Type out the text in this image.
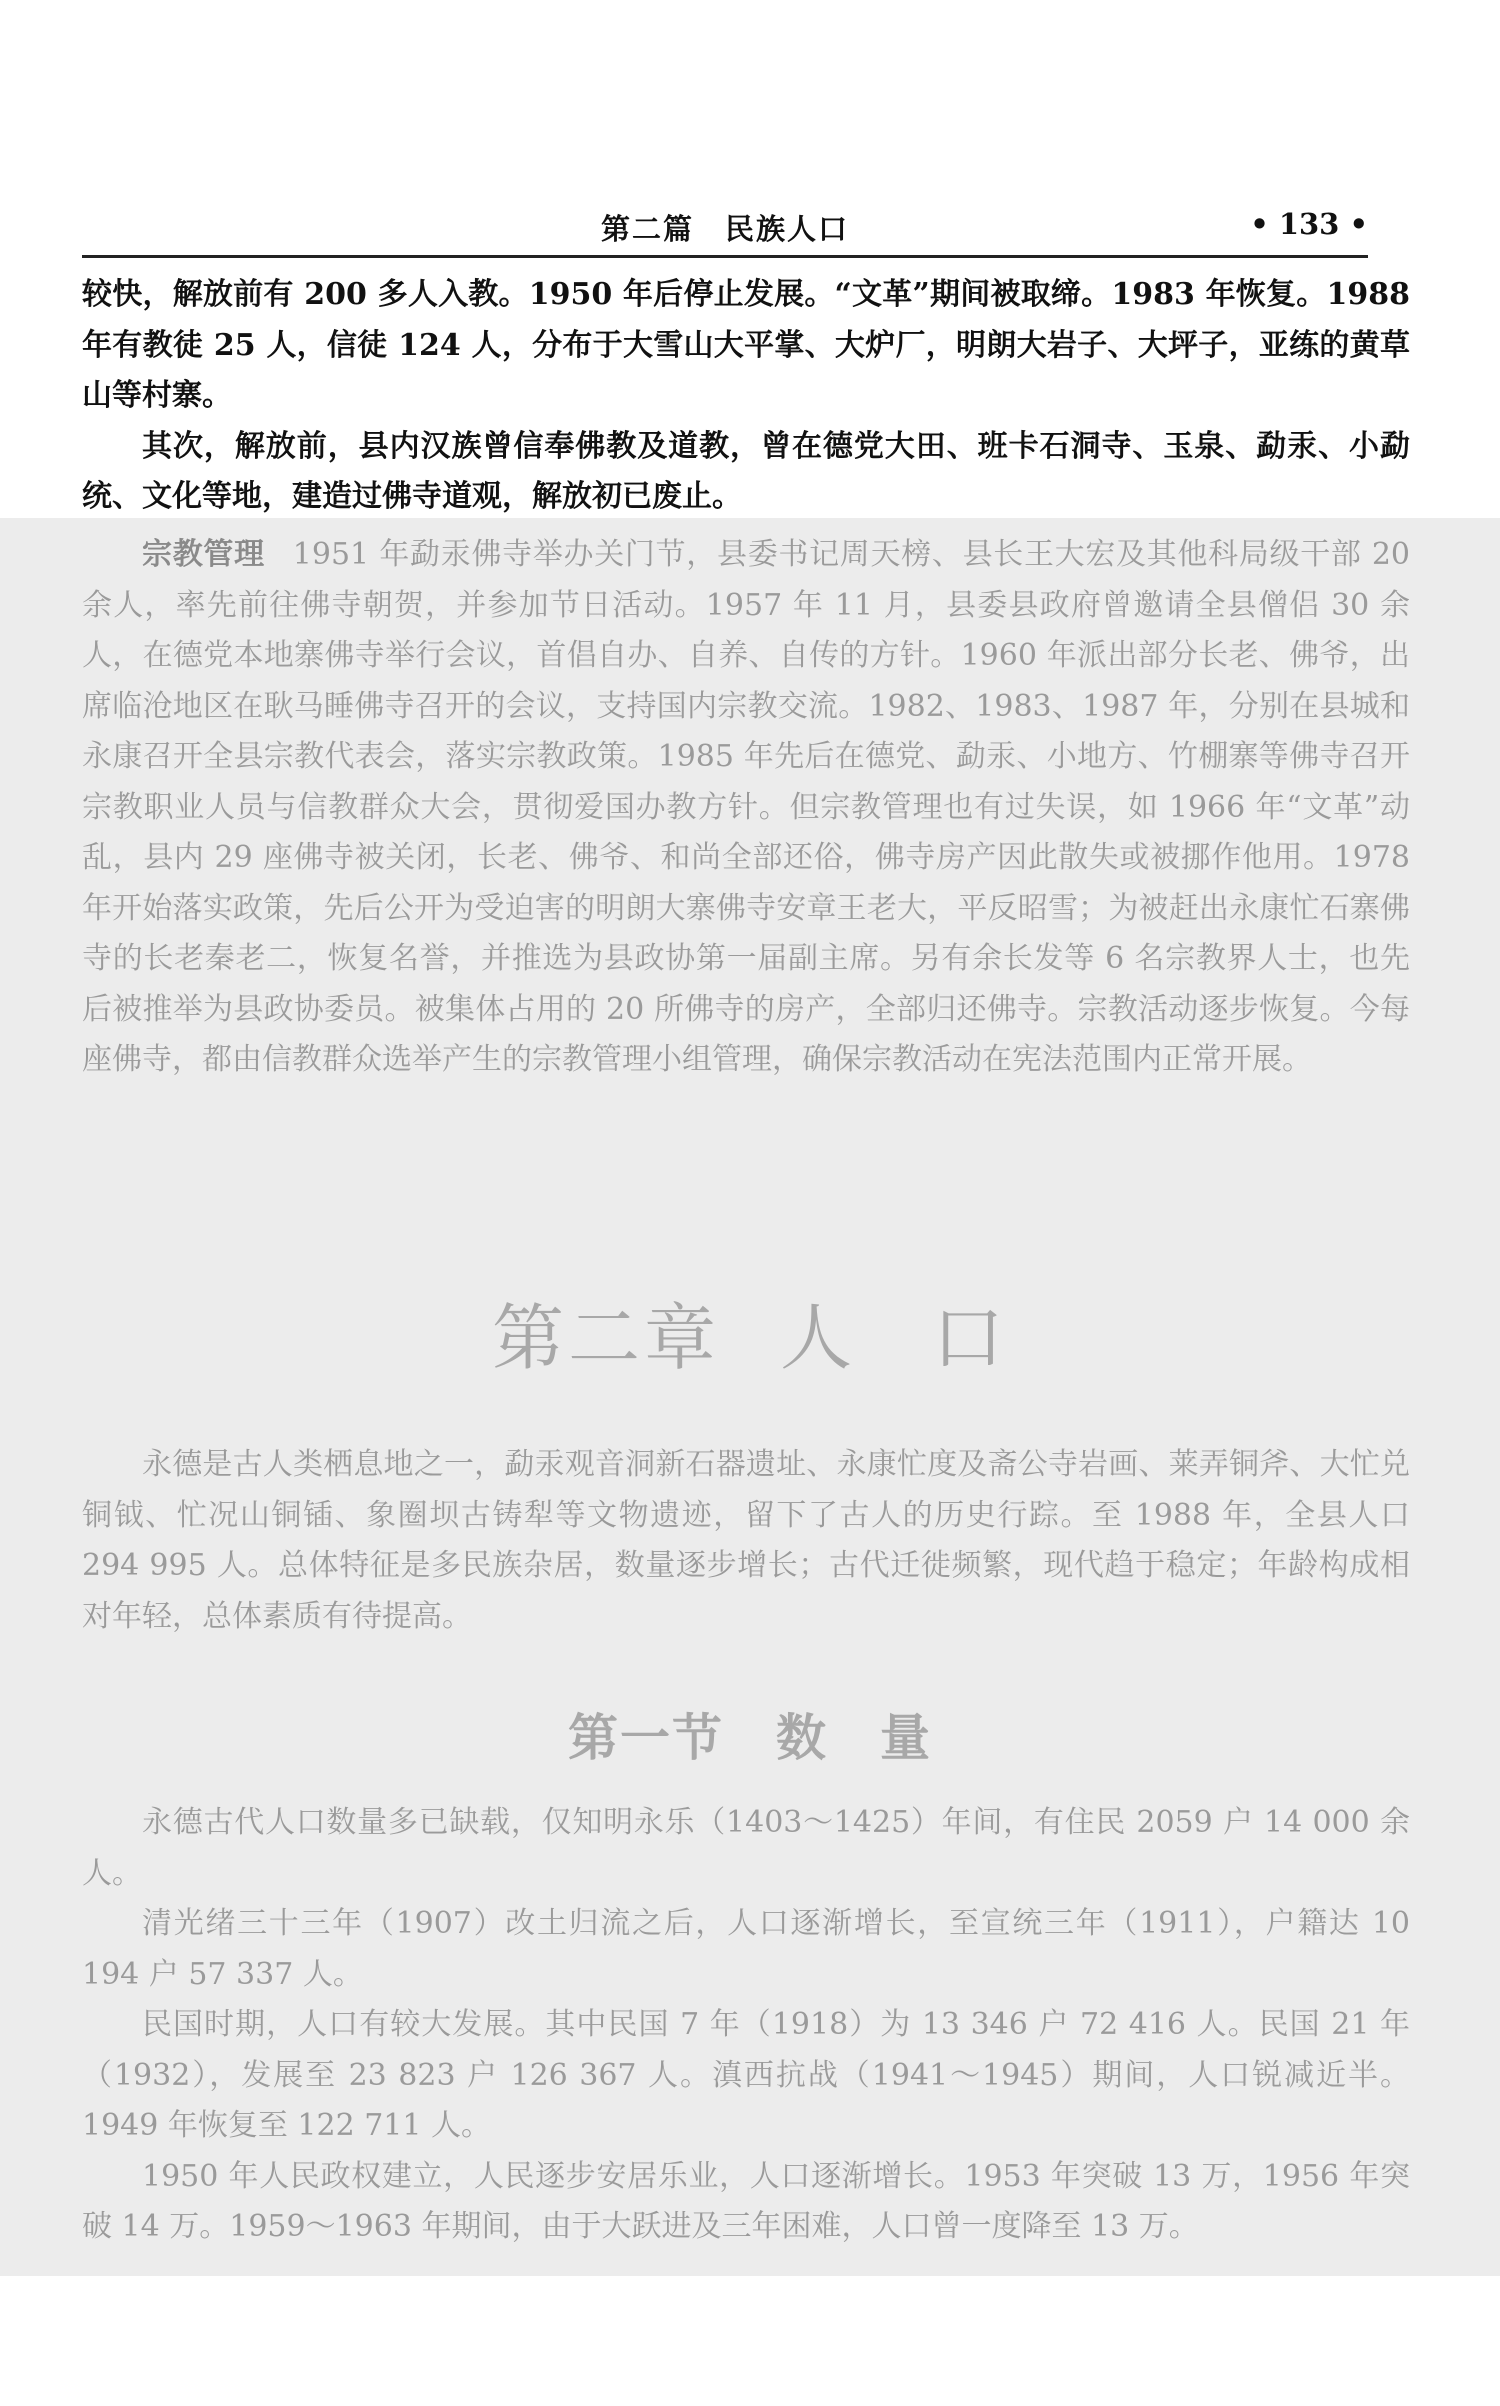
第二篇　民族人口	• 133 •

较快，解放前有 200 多人入教。1950 年后停止发展。“文革”期间被取缔。1983 年恢复。1988 年有教徒 25 人，信徒 124 人，分布于大雪山大平掌、大炉厂，明朗大岩子、大坪子，亚练的黄草山等村寨。

其次，解放前，县内汉族曾信奉佛教及道教，曾在德党大田、班卡石洞寺、玉泉、勐汞、小勐统、文化等地，建造过佛寺道观，解放初已废止。

宗教管理 1951 年勐汞佛寺举办关门节，县委书记周天榜、县长王大宏及其他科局级干部 20 余人，率先前往佛寺朝贺，并参加节日活动。1957 年 11 月，县委县政府曾邀请全县僧侣 30 余人，在德党本地寨佛寺举行会议，首倡自办、自养、自传的方针。1960 年派出部分长老、佛爷，出席临沧地区在耿马睡佛寺召开的会议，支持国内宗教交流。1982、1983、1987 年，分别在县城和永康召开全县宗教代表会，落实宗教政策。1985 年先后在德党、勐汞、小地方、竹棚寨等佛寺召开宗教职业人员与信教群众大会，贯彻爱国办教方针。但宗教管理也有过失误，如 1966 年“文革”动乱，县内 29 座佛寺被关闭，长老、佛爷、和尚全部还俗，佛寺房产因此散失或被挪作他用。1978 年开始落实政策，先后公开为受迫害的明朗大寨佛寺安章王老大，平反昭雪；为被赶出永康忙石寨佛寺的长老秦老二，恢复名誉，并推选为县政协第一届副主席。另有余长发等 6 名宗教界人士，也先后被推举为县政协委员。被集体占用的 20 所佛寺的房产，全部归还佛寺。宗教活动逐步恢复。今每座佛寺，都由信教群众选举产生的宗教管理小组管理，确保宗教活动在宪法范围内正常开展。

第二章 人　口

永德是古人类栖息地之一，勐汞观音洞新石器遗址、永康忙度及斋公寺岩画、莱弄铜斧、大忙兑铜钺、忙况山铜锸、象圈坝古铸犁等文物遗迹，留下了古人的历史行踪。至 1988 年，全县人口 294 995 人。总体特征是多民族杂居，数量逐步增长；古代迁徙频繁，现代趋于稳定；年龄构成相对年轻，总体素质有待提高。

第一节　数　量

永德古代人口数量多已缺载，仅知明永乐（1403～1425）年间，有住民 2059 户 14 000 余人。

清光绪三十三年（1907）改土归流之后，人口逐渐增长，至宣统三年（1911），户籍达 10 194 户 57 337 人。

民国时期，人口有较大发展。其中民国 7 年（1918）为 13 346 户 72 416 人。民国 21 年（1932），发展至 23 823 户 126 367 人。滇西抗战（1941～1945）期间，人口锐减近半。1949 年恢复至 122 711 人。

1950 年人民政权建立，人民逐步安居乐业，人口逐渐增长。1953 年突破 13 万，1956 年突破 14 万。1959～1963 年期间，由于大跃进及三年困难，人口曾一度降至 13 万。
